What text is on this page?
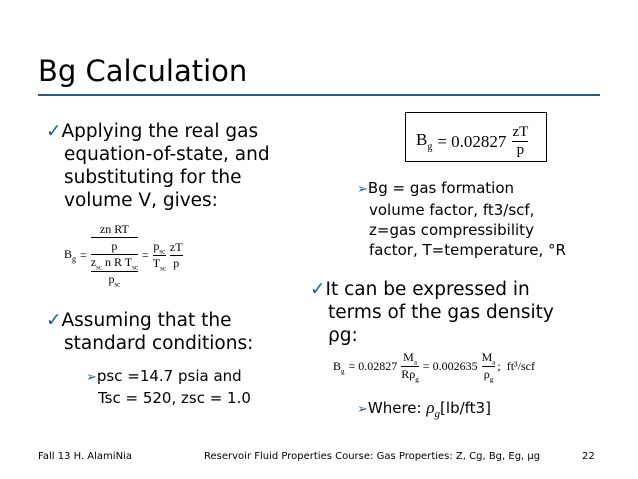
Bg Calculation
✓Applying the real gas
equation-of-state, and
substituting for the
volume V, gives:
$B_g$ =
zn RT
$\frac{p}{z_{sc} n R T_{sc}}$
$p_{sc}$
= $\frac{p_{sc}}{T_{sc}} \frac{zT}{p}$
✓Assuming that the
standard conditions:
➢psc =14.7 psia and
Tsc = 520, zsc = 1.0
$B_g = 0.02827 \frac{zT}{p}$
➢Bg = gas formation
volume factor, ft3/scf,
z=gas compressibility
factor, T=temperature, °R
✓It can be expressed in
terms of the gas density
ρg:
$B_g = 0.02827 \frac{M_a}{R\rho_g} = 0.002635 \frac{M_a}{\rho_g}$ ;  ft³/scf
➢Where: $\rho_g[lb/ft3]$
Fall 13 H. AlamiNia	Reservoir Fluid Properties Course: Gas Properties: Z, Cg, Bg, Eg, μg	22
